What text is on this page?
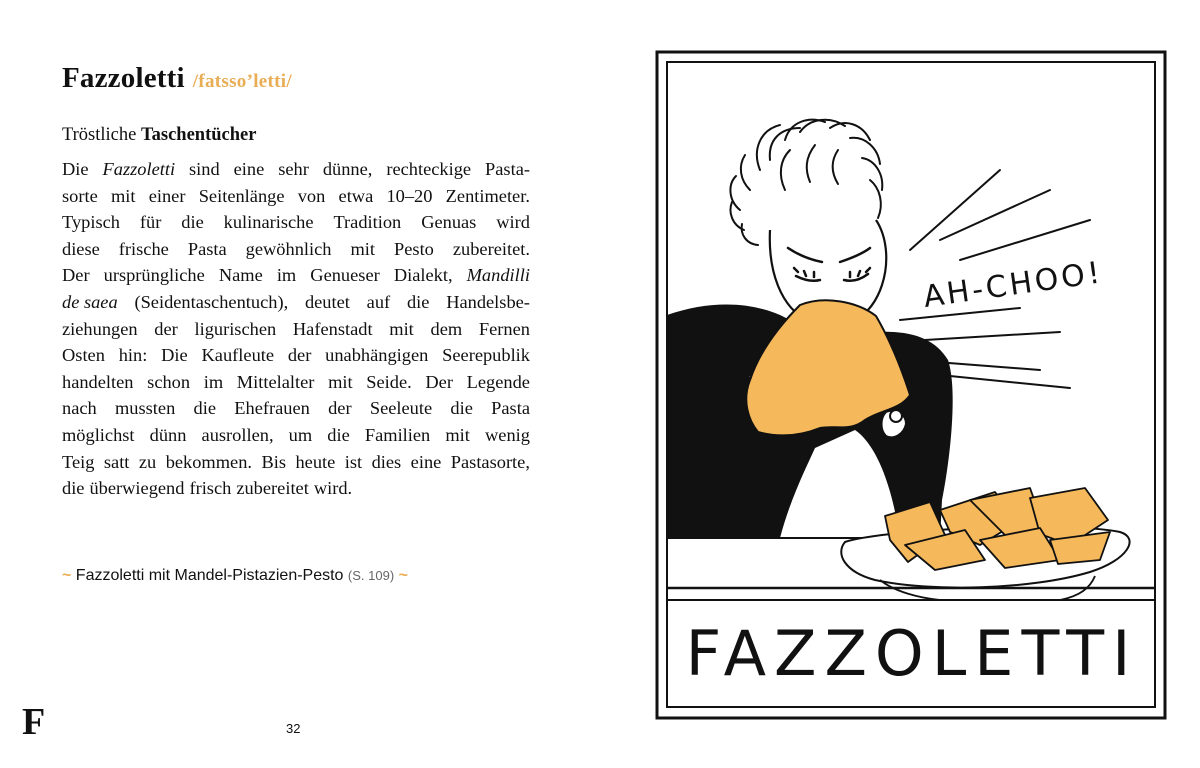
Fazzoletti /fatsso’letti/

Tröstliche Taschentücher

Die Fazzoletti sind eine sehr dünne, rechteckige Pasta-
sorte mit einer Seitenlänge von etwa 10–20 Zentimeter.
Typisch für die kulinarische Tradition Genuas wird
diese frische Pasta gewöhnlich mit Pesto zubereitet.
Der ursprüngliche Name im Genueser Dialekt, Mandilli
de saea (Seidentaschentuch), deutet auf die Handelsbe-
ziehungen der ligurischen Hafenstadt mit dem Fernen
Osten hin: Die Kaufleute der unabhängigen Seerepublik
handelten schon im Mittelalter mit Seide. Der Legende
nach mussten die Ehefrauen der Seeleute die Pasta
möglichst dünn ausrollen, um die Familien mit wenig
Teig satt zu bekommen. Bis heute ist dies eine Pastasorte,
die überwiegend frisch zubereitet wird.
~ Fazzoletti mit Mandel-Pistazien-Pesto (S. 109) ~
F	32
AH-CHOO!
FAZZOLETTI
